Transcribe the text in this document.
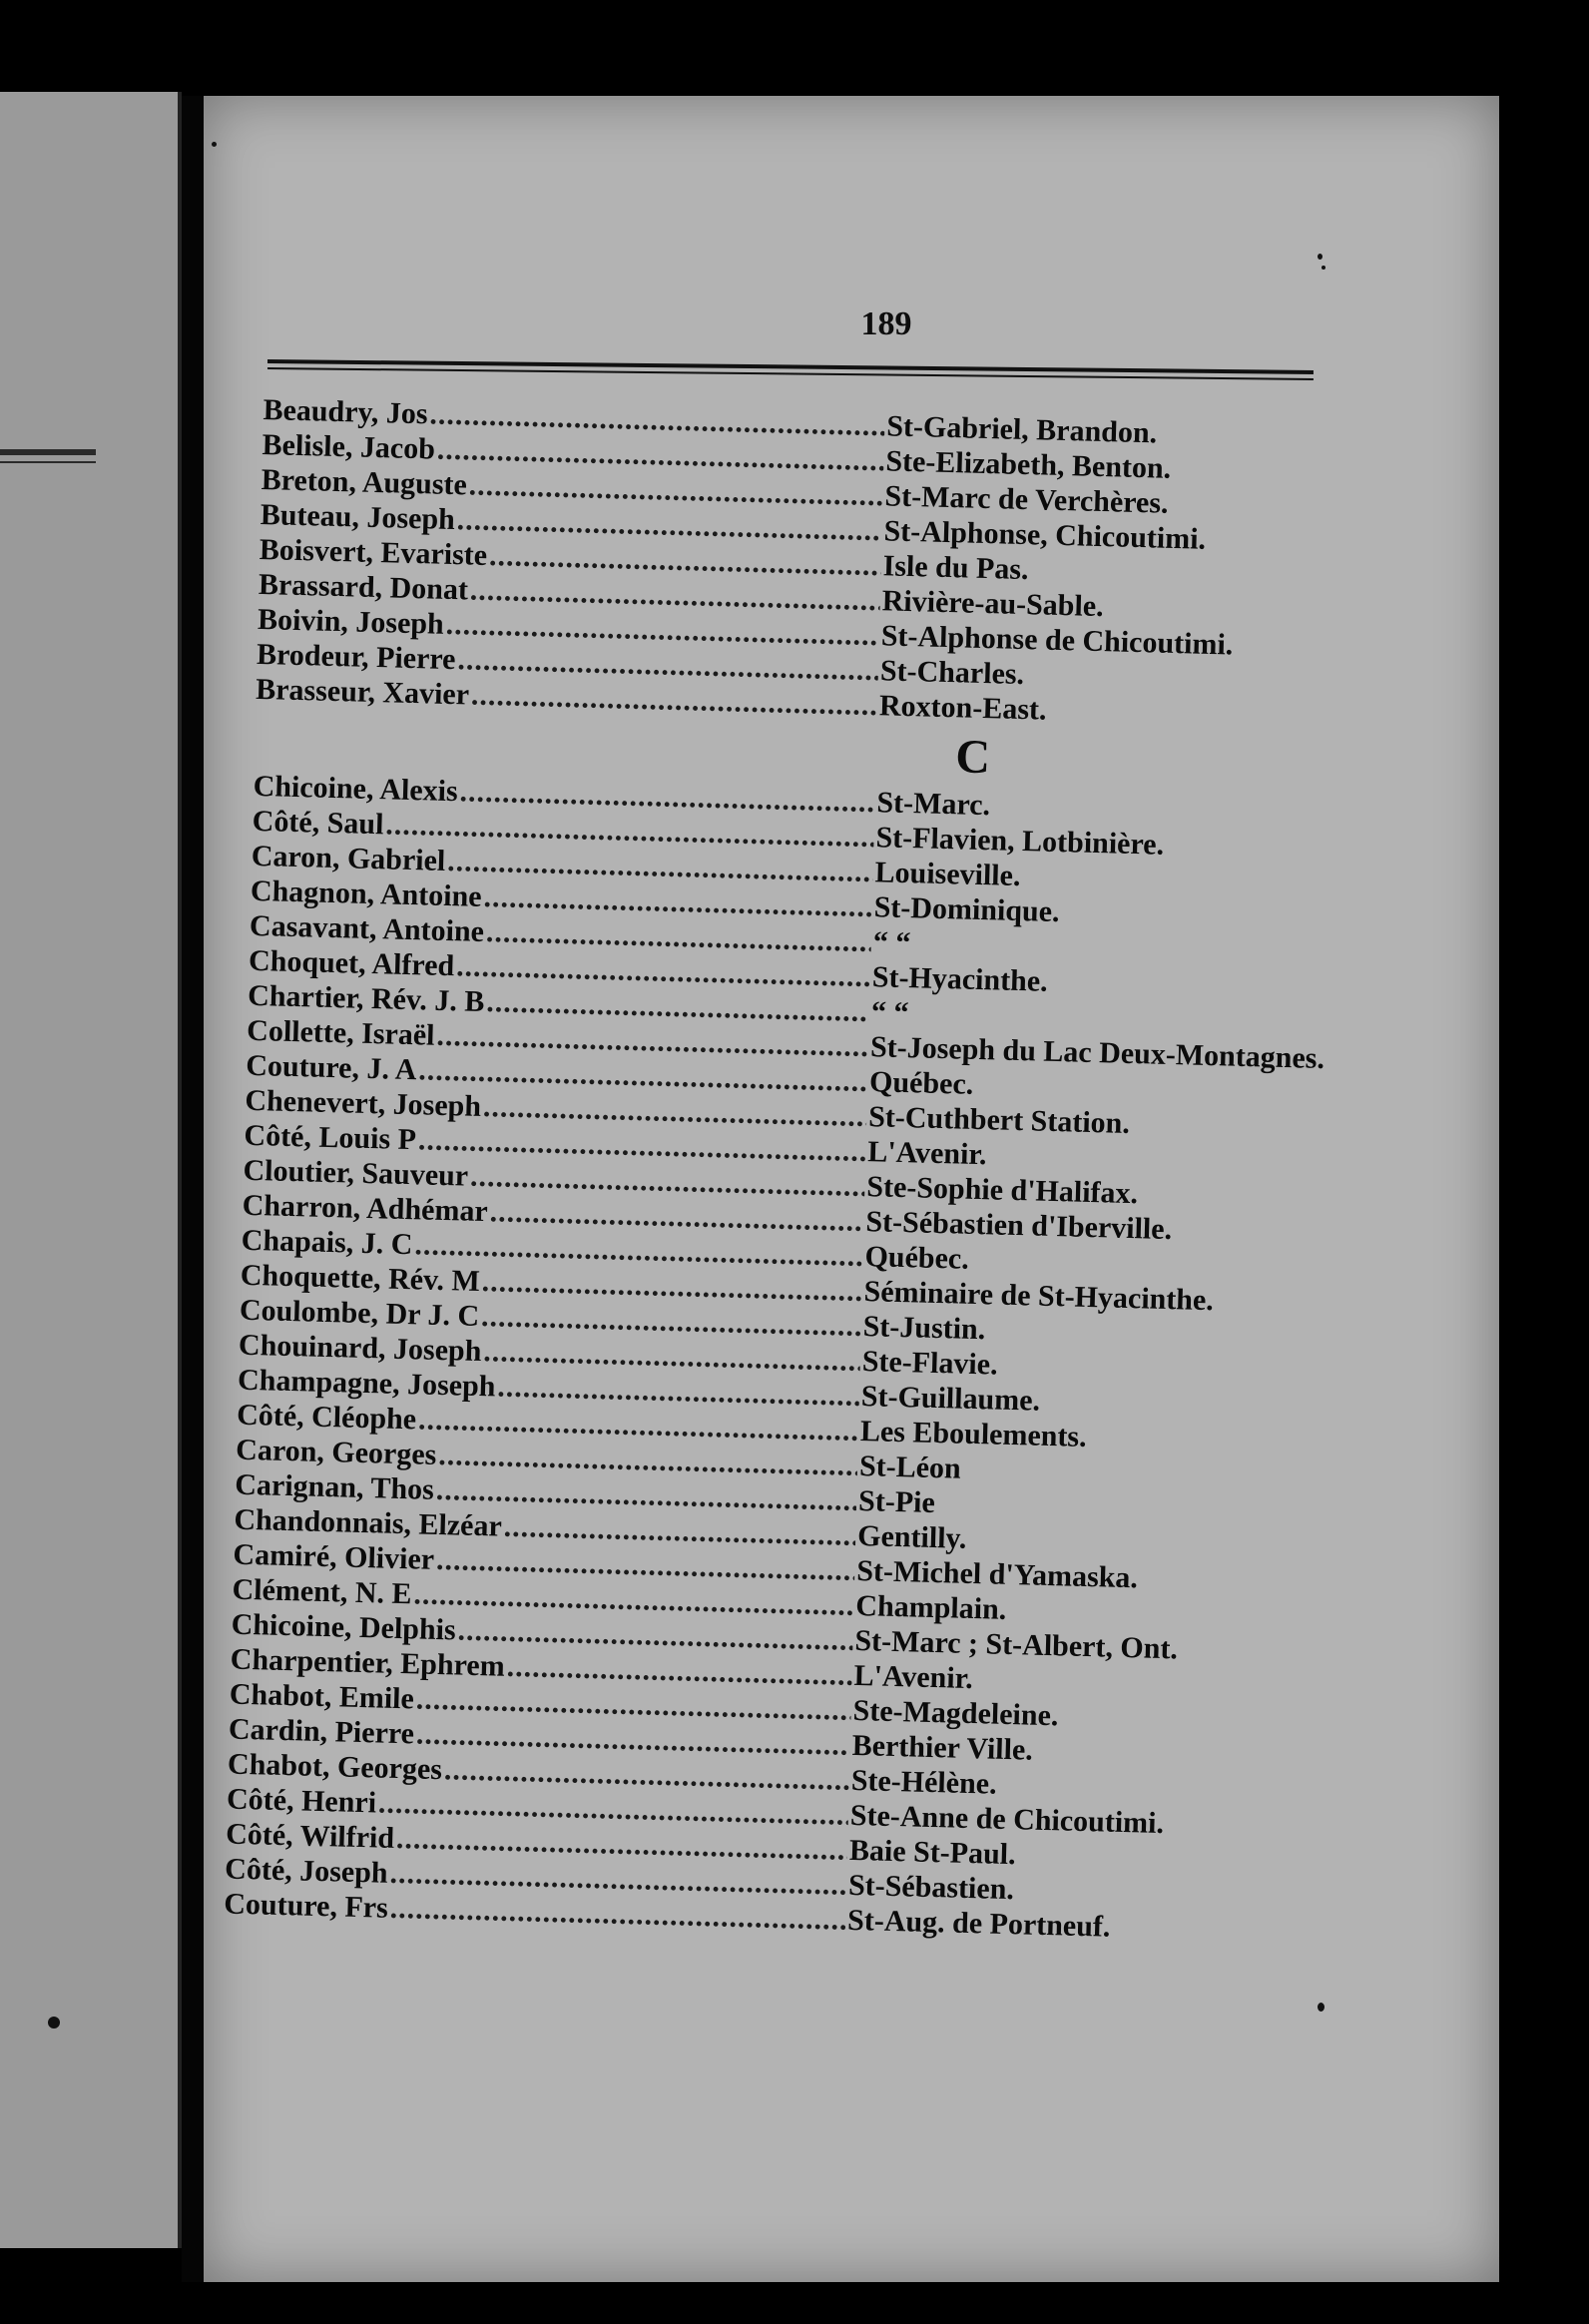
189
Beaudry, Jos .....	St-Gabriel, Brandon.
Belisle, Jacob .....	Ste-Elizabeth, Benton.
Breton, Auguste .....	St-Marc de Verchères.
Buteau, Joseph .....	St-Alphonse, Chicoutimi.
Boisvert, Evariste .....	Isle du Pas.
Brassard, Donat .....	Rivière-au-Sable.
Boivin, Joseph .....	St-Alphonse de Chicoutimi.
Brodeur, Pierre .....	St-Charles.
Brasseur, Xavier .....	Roxton-East.
C
Chicoine, Alexis .....	St-Marc.
Côté, Saul .....	St-Flavien, Lotbinière.
Caron, Gabriel .....	Louiseville.
Chagnon, Antoine .....	St-Dominique.
Casavant, Antoine .....	“ “
Choquet, Alfred .....	St-Hyacinthe.
Chartier, Rév. J. B .....	“ “
Collette, Israël .....	St-Joseph du Lac Deux-Montagnes.
Couture, J. A .....	Québec.
Chenevert, Joseph .....	St-Cuthbert Station.
Côté, Louis P .....	L'Avenir.
Cloutier, Sauveur .....	Ste-Sophie d'Halifax.
Charron, Adhémar .....	St-Sébastien d'Iberville.
Chapais, J. C .....	Québec.
Choquette, Rév. M .....	Séminaire de St-Hyacinthe.
Coulombe, Dr J. C .....	St-Justin.
Chouinard, Joseph .....	Ste-Flavie.
Champagne, Joseph .....	St-Guillaume.
Côté, Cléophe .....	Les Eboulements.
Caron, Georges .....	St-Léon
Carignan, Thos .....	St-Pie
Chandonnais, Elzéar .....	Gentilly.
Camiré, Olivier .....	St-Michel d'Yamaska.
Clément, N. E .....	Champlain.
Chicoine, Delphis .....	St-Marc ; St-Albert, Ont.
Charpentier, Ephrem .....	L'Avenir.
Chabot, Emile .....	Ste-Magdeleine.
Cardin, Pierre .....	Berthier Ville.
Chabot, Georges .....	Ste-Hélène.
Côté, Henri .....	Ste-Anne de Chicoutimi.
Côté, Wilfrid .....	Baie St-Paul.
Côté, Joseph .....	St-Sébastien.
Couture, Frs .....	St-Aug. de Portneuf.
